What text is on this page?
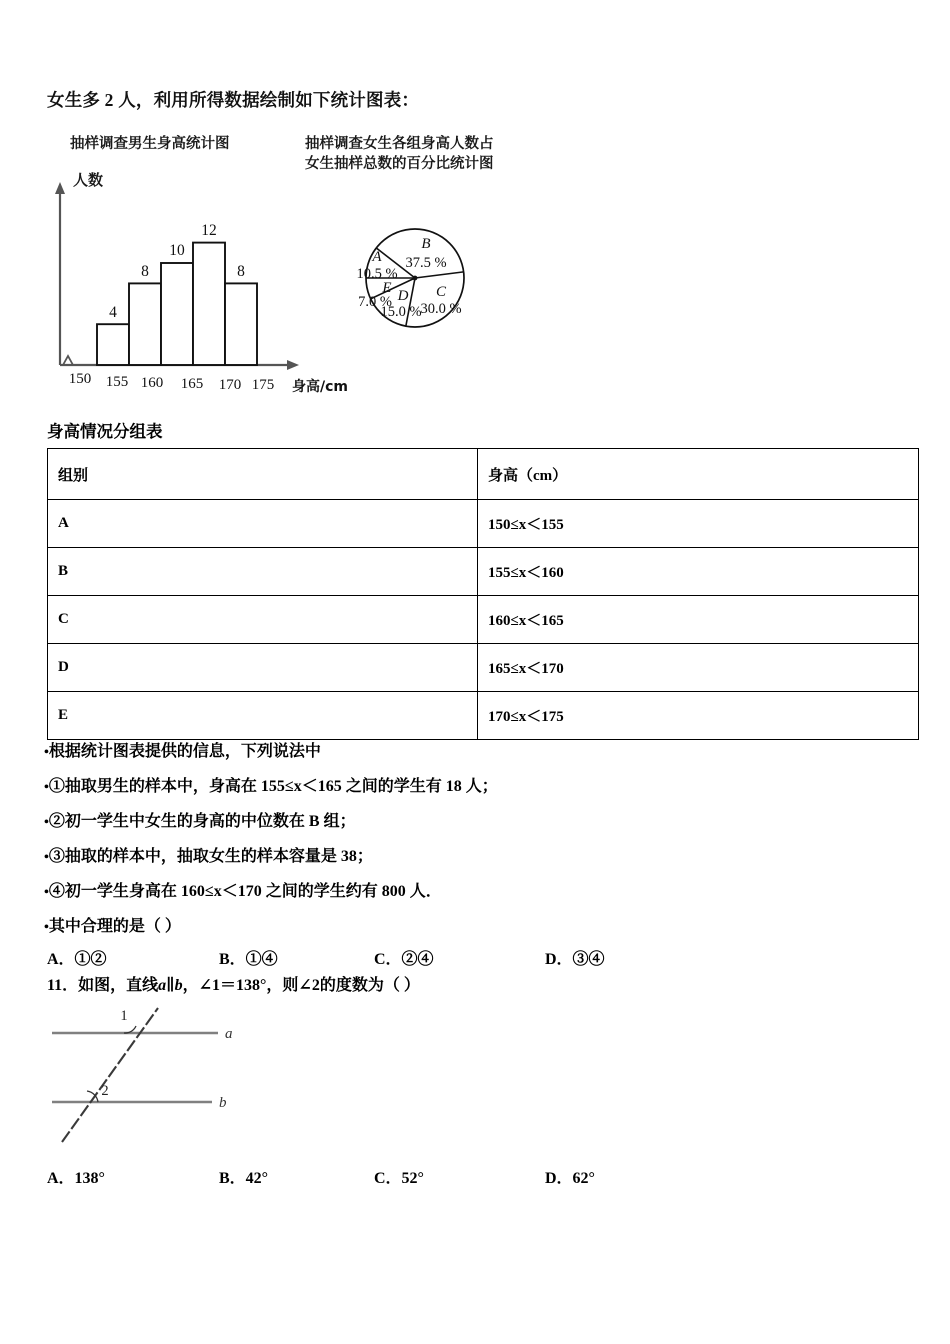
女生多 2 人，利用所得数据绘制如下统计图表：
抽样调查男生身高统计图	抽样调查女生各组身高人数占
女生抽样总数的百分比统计图
人数
4
8
10
12
8
150 155 160 165 170 175 身高/cm
A
10.5 %
B
37.5 %
C
30.0 %
D
15.0 %
E
7.0 %
身高情况分组表
组别	身高（cm）
A	150≤x＜155
B	155≤x＜160
C	160≤x＜165
D	165≤x＜170
E	170≤x＜175
•根据统计图表提供的信息，下列说法中
•①抽取男生的样本中，身高在 155≤x＜165 之间的学生有 18 人；
•②初一学生中女生的身高的中位数在 B 组；
•③抽取的样本中，抽取女生的样本容量是 38；
•④初一学生身高在 160≤x＜170 之间的学生约有 800 人．
•其中合理的是（ ）
A．①②	B．①④	C．②④	D．③④
11．如图，直线a∥b，∠1＝138°，则∠2的度数为（ ）
a
b
1
2
A．138°	B．42°	C．52°	D．62°
